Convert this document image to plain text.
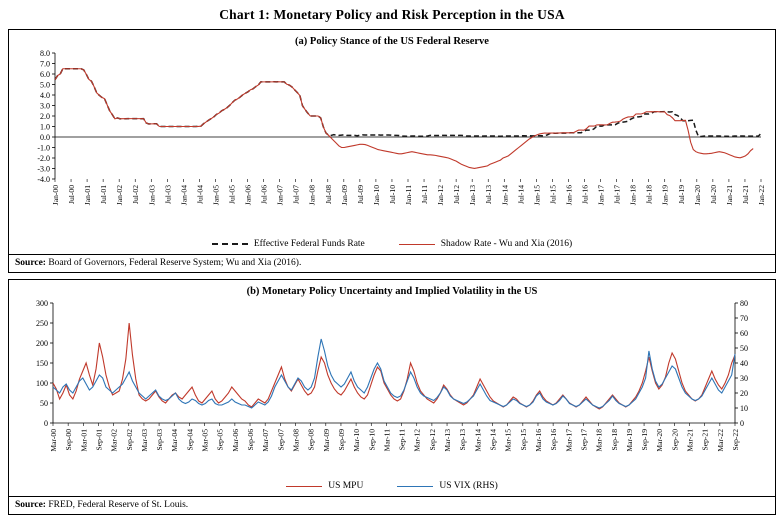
Chart 1: Monetary Policy and Risk Perception in the USA
(a) Policy Stance of the US Federal Reserve
8.0
7.0
6.0
5.0
4.0
3.0
2.0
1.0
0.0
-1.0
-2.0
-3.0
-4.0
Jan-00 Jul-00 Jan-01 Jul-01 Jan-02 Jul-02 Jan-03 Jul-03 Jan-04 Jul-04 Jan-05 Jul-05 Jan-06 Jul-06 Jan-07 Jul-07 Jan-08 Jul-08 Jan-09 Jul-09 Jan-10 Jul-10 Jan-11 Jul-11 Jan-12 Jul-12 Jan-13 Jul-13 Jan-14 Jul-14 Jan-15 Jul-15 Jan-16 Jul-16 Jan-17 Jul-17 Jan-18 Jul-18 Jan-19 Jul-19 Jan-20 Jul-20 Jan-21 Jul-21 Jan-22
Effective Federal Funds Rate	Shadow Rate - Wu and Xia (2016)
Source: Board of Governors, Federal Reserve System; Wu and Xia (2016).
(b) Monetary Policy Uncertainty and Implied Volatility in the US
0
50
100
150
200
250
300
0
10
20
30
40
50
60
70
80
Mar-00 Sep-00 Mar-01 Sep-01 Mar-02 Sep-02 Mar-03 Sep-03 Mar-04 Sep-04 Mar-05 Sep-05 Mar-06 Sep-06 Mar-07 Sep-07 Mar-08 Sep-08 Mar-09 Sep-09 Mar-10 Sep-10 Mar-11 Sep-11 Mar-12 Sep-12 Mar-13 Sep-13 Mar-14 Sep-14 Mar-15 Sep-15 Mar-16 Sep-16 Mar-17 Sep-17 Mar-18 Sep-18 Mar-19 Sep-19 Mar-20 Sep-20 Mar-21 Sep-21 Mar-22 Sep-22
US MPU	US VIX (RHS)
Source: FRED, Federal Reserve of St. Louis.
